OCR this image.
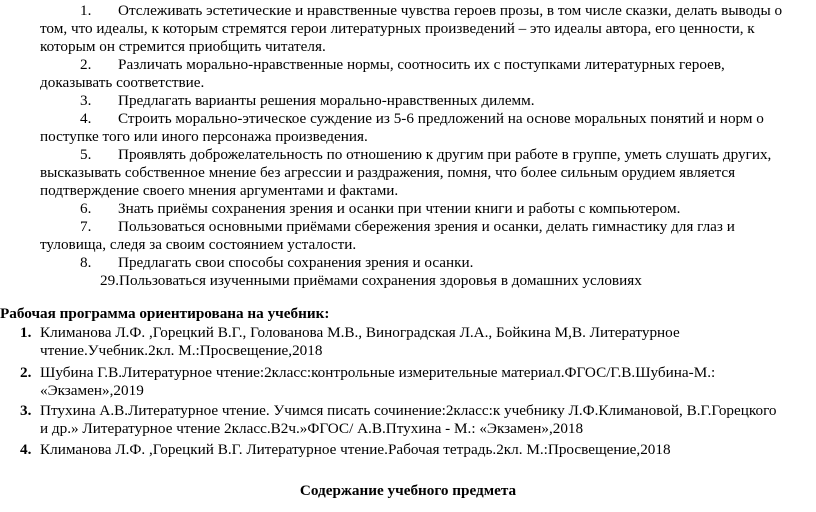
1. Отслеживать эстетические и нравственные чувства героев прозы, в том числе сказки, делать выводы о
том, что идеалы, к которым стремятся герои литературных произведений – это идеалы автора, его ценности, к
которым он стремится приобщить читателя.
2. Различать морально-нравственные нормы, соотносить их с поступками литературных героев,
доказывать соответствие.
3. Предлагать варианты решения морально-нравственных дилемм.
4. Строить морально-этическое суждение из 5-6 предложений на основе моральных понятий и норм о
поступке того или иного персонажа произведения.
5. Проявлять доброжелательность по отношению к другим при работе в группе, уметь слушать других,
высказывать собственное мнение без агрессии и раздражения, помня, что более сильным орудием является
подтверждение своего мнения аргументами и фактами.
6. Знать приёмы сохранения зрения и осанки при чтении книги и работы с компьютером.
7. Пользоваться основными приёмами сбережения зрения и осанки, делать гимнастику для глаз и
туловища, следя за своим состоянием усталости.
8. Предлагать свои способы сохранения зрения и осанки.
29.Пользоваться изученными приёмами сохранения здоровья в домашних условиях
Рабочая программа ориентирована на учебник:
1. Климанова Л.Ф. ,Горецкий В.Г., Голованова М.В., Виноградская Л.А., Бойкина М,В. Литературное
чтение.Учебник.2кл. М.:Просвещение,2018
2. Шубина Г.В.Литературное чтение:2класс:контрольные измерительные материал.ФГОС/Г.В.Шубина-М.:
«Экзамен»,2019
3. Птухина А.В.Литературное чтение. Учимся писать сочинение:2класс:к учебнику Л.Ф.Климановой, В.Г.Горецкого
и др.» Литературное чтение 2класс.В2ч.»ФГОС/ А.В.Птухина - М.: «Экзамен»,2018
4. Климанова Л.Ф. ,Горецкий В.Г. Литературное чтение.Рабочая тетрадь.2кл. М.:Просвещение,2018
Содержание учебного предмета
